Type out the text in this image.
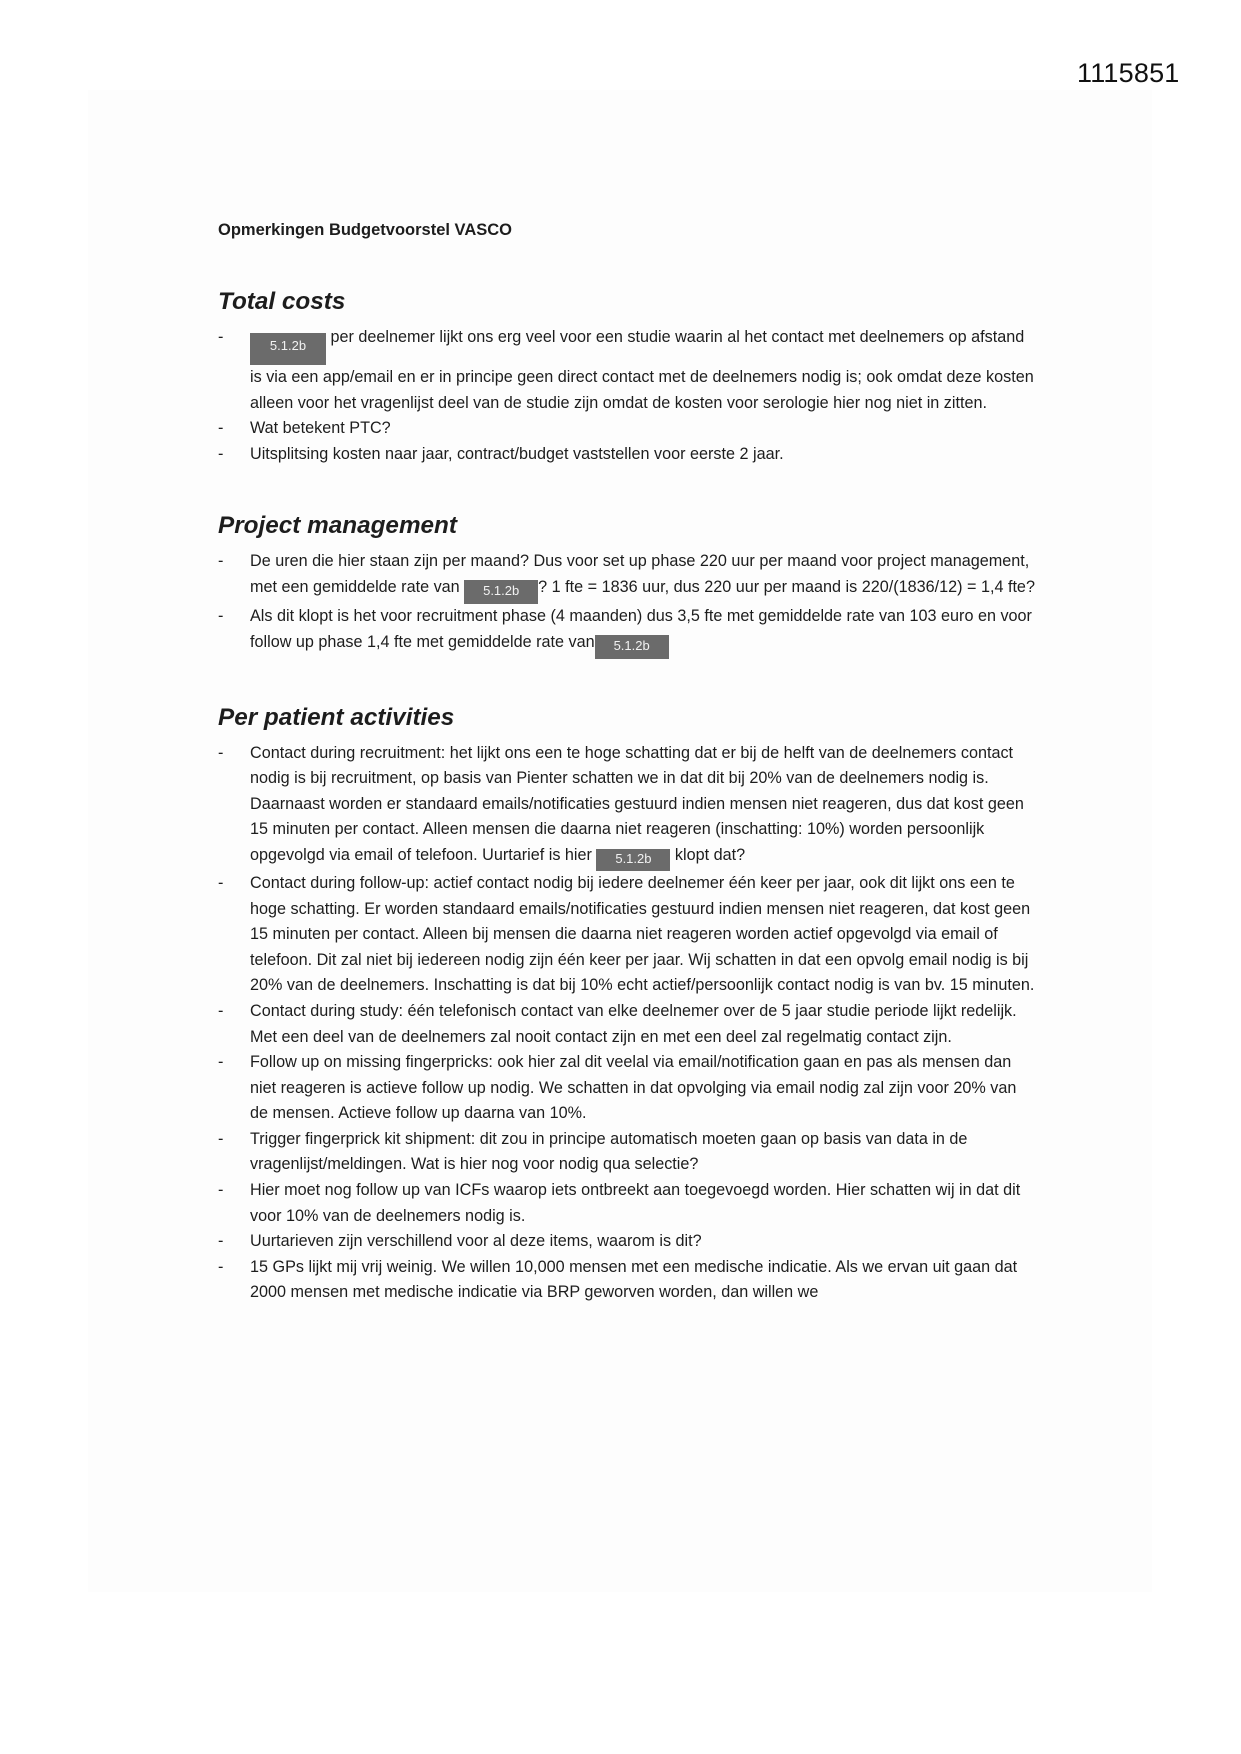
1115851
Opmerkingen Budgetvoorstel VASCO
Total costs
-	5.1.2b per deelnemer lijkt ons erg veel voor een studie waarin al het contact met deelnemers op afstand is via een app/email en er in principe geen direct contact met de deelnemers nodig is; ook omdat deze kosten alleen voor het vragenlijst deel van de studie zijn omdat de kosten voor serologie hier nog niet in zitten.
-	Wat betekent PTC?
-	Uitsplitsing kosten naar jaar, contract/budget vaststellen voor eerste 2 jaar.
Project management
-	De uren die hier staan zijn per maand? Dus voor set up phase 220 uur per maand voor project management, met een gemiddelde rate van 5.1.2b ? 1 fte = 1836 uur, dus 220 uur per maand is 220/(1836/12) = 1,4 fte?
-	Als dit klopt is het voor recruitment phase (4 maanden) dus 3,5 fte met gemiddelde rate van 103 euro en voor follow up phase 1,4 fte met gemiddelde rate van 5.1.2b
Per patient activities
-	Contact during recruitment: het lijkt ons een te hoge schatting dat er bij de helft van de deelnemers contact nodig is bij recruitment, op basis van Pienter schatten we in dat dit bij 20% van de deelnemers nodig is. Daarnaast worden er standaard emails/notificaties gestuurd indien mensen niet reageren, dus dat kost geen 15 minuten per contact. Alleen mensen die daarna niet reageren (inschatting: 10%) worden persoonlijk opgevolgd via email of telefoon. Uurtarief is hier 5.1.2b klopt dat?
-	Contact during follow-up: actief contact nodig bij iedere deelnemer één keer per jaar, ook dit lijkt ons een te hoge schatting. Er worden standaard emails/notificaties gestuurd indien mensen niet reageren, dat kost geen 15 minuten per contact. Alleen bij mensen die daarna niet reageren worden actief opgevolgd via email of telefoon. Dit zal niet bij iedereen nodig zijn één keer per jaar. Wij schatten in dat een opvolg email nodig is bij 20% van de deelnemers. Inschatting is dat bij 10% echt actief/persoonlijk contact nodig is van bv. 15 minuten.
-	Contact during study: één telefonisch contact van elke deelnemer over de 5 jaar studie periode lijkt redelijk. Met een deel van de deelnemers zal nooit contact zijn en met een deel zal regelmatig contact zijn.
-	Follow up on missing fingerpricks: ook hier zal dit veelal via email/notification gaan en pas als mensen dan niet reageren is actieve follow up nodig. We schatten in dat opvolging via email nodig zal zijn voor 20% van de mensen. Actieve follow up daarna van 10%.
-	Trigger fingerprick kit shipment: dit zou in principe automatisch moeten gaan op basis van data in de vragenlijst/meldingen. Wat is hier nog voor nodig qua selectie?
-	Hier moet nog follow up van ICFs waarop iets ontbreekt aan toegevoegd worden. Hier schatten wij in dat dit voor 10% van de deelnemers nodig is.
-	Uurtarieven zijn verschillend voor al deze items, waarom is dit?
-	15 GPs lijkt mij vrij weinig. We willen 10,000 mensen met een medische indicatie. Als we ervan uit gaan dat 2000 mensen met medische indicatie via BRP geworven worden, dan willen we
